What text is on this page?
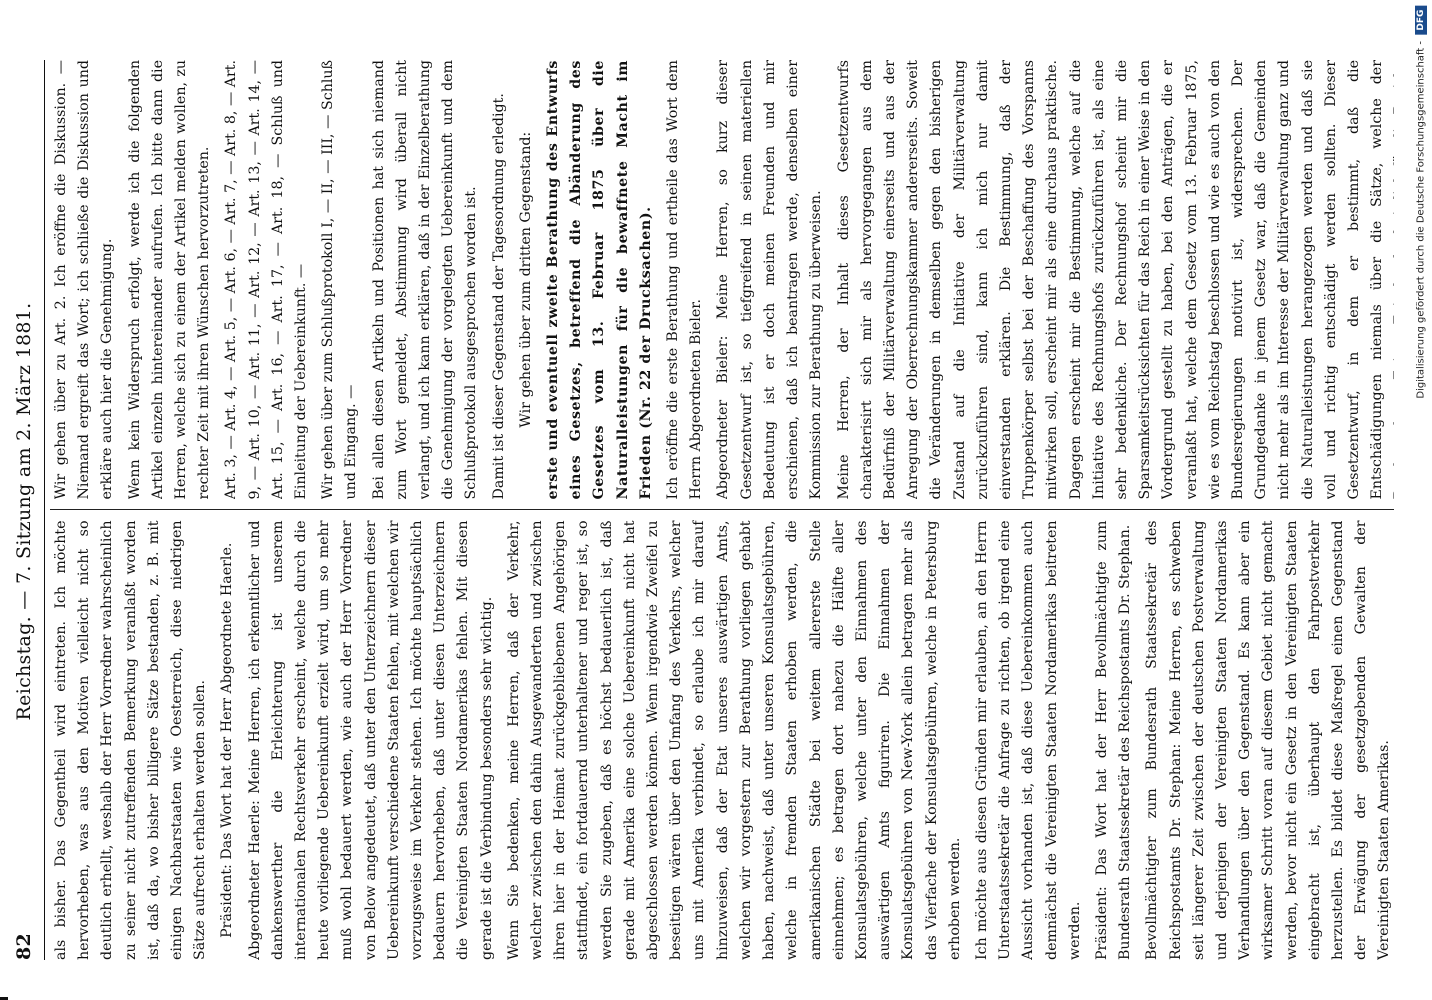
82
Reichstag. — 7. Sitzung am 2. März 1881.

als bisher. Das Gegentheil wird eintreten. Ich möchte hervorheben, was aus den Motiven vielleicht nicht so deutlich erhellt, weshalb der Herr Vorredner wahrscheinlich zu seiner nicht zutreffenden Bemerkung veranlaßt worden ist, daß da, wo bisher billigere Sätze bestanden, z. B. mit einigen Nachbarstaaten wie Oesterreich, diese niedrigen Sätze aufrecht erhalten werden sollen. Präsident: Das Wort hat der Herr Abgeordnete Haerle. Abgeordneter Haerle: Meine Herren, ich erkenntlicher und dankenswerther die Erleichterung ist unserem internationalen Rechtsverkehr erscheint, welche durch die heute vorliegende Uebereinkunft erzielt wird, um so mehr muß wohl bedauert werden, wie auch der Herr Vorredner von Below angedeutet, daß unter den Unterzeichnern dieser Uebereinkunft verschiedene Staaten fehlen, mit welchen wir vorzugsweise im Verkehr stehen. Ich möchte hauptsächlich bedauern hervorheben, daß unter diesen Unterzeichnern die Vereinigten Staaten Nordamerikas fehlen. Mit diesen gerade ist die Verbindung besonders sehr wichtig. Wenn Sie bedenken, meine Herren, daß der Verkehr, welcher zwischen den dahin Ausgewanderten und zwischen ihren hier in der Heimat zurückgebliebenen Angehörigen stattfindet, ein fortdauernd unterhaltener und reger ist, so werden Sie zugeben, daß es höchst bedauerlich ist, daß gerade mit Amerika eine solche Uebereinkunft nicht hat abgeschlossen werden können. Wenn irgendwie Zweifel zu beseitigen wären über den Umfang des Verkehrs, welcher uns mit Amerika verbindet, so erlaube ich mir darauf hinzuweisen, daß der Etat unseres auswärtigen Amts, welchen wir vorgestern zur Berathung vorliegen gehabt haben, nachweist, daß unter unseren Konsulatsgebühren, welche in fremden Staaten erhoben werden, die amerikanischen Städte bei weitem allererste Stelle einnehmen; es betragen dort nahezu die Hälfte aller Konsulatsgebühren, welche unter den Einnahmen des auswärtigen Amts figuriren. Die Einnahmen der Konsulatsgebühren von New-York allein betragen mehr als das Vierfache der Konsulatsgebühren, welche in Petersburg erhoben werden. Ich möchte aus diesen Gründen mir erlauben, an den Herrn Unterstaatssekretär die Anfrage zu richten, ob irgend eine Aussicht vorhanden ist, daß diese Uebereinkommen auch demnächst die Vereinigten Staaten Nordamerikas beitreten werden. Präsident: Das Wort hat der Herr Bevollmächtigte zum Bundesrath Staatssekretär des Reichspostamts Dr. Stephan. Bevollmächtigter zum Bundesrath Staatssekretär des Reichspostamts Dr. Stephan: Meine Herren, es schweben seit längerer Zeit zwischen der deutschen Postverwaltung und derjenigen der Vereinigten Staaten Nordamerikas Verhandlungen über den Gegenstand. Es kann aber ein wirksamer Schritt voran auf diesem Gebiet nicht gemacht werden, bevor nicht ein Gesetz in den Vereinigten Staaten eingebracht ist, überhaupt den Fahrpostverkehr herzustellen. Es bildet diese Maßregel einen Gegenstand der Erwägung der gesetzgebenden Gewalten der Vereinigten Staaten Amerikas.

Wir gehen über zu Art. 2. Ich eröffne die Diskussion. — Niemand ergreift das Wort; ich schließe die Diskussion und erkläre auch hier die Genehmigung. Wenn kein Widerspruch erfolgt, werde ich die folgenden Artikel einzeln hintereinander aufrufen. Ich bitte dann die Herren, welche sich zu einem der Artikel melden wollen, zu rechter Zeit mit ihren Wünschen hervorzutreten. Art. 3, — Art. 4, — Art. 5, — Art. 6, — Art. 7, — Art. 8, — Art. 9, — Art. 10, — Art. 11, — Art. 12, — Art. 13, — Art. 14, — Art. 15, — Art. 16, — Art. 17, — Art. 18, — Schluß und Einleitung der Uebereinkunft. — Wir gehen über zum Schlußprotokoll I, — II, — III, — Schluß und Eingang. — Bei allen diesen Artikeln und Positionen hat sich niemand zum Wort gemeldet, Abstimmung wird überall nicht verlangt, und ich kann erklären, daß in der Einzelberathung die Genehmigung der vorgelegten Uebereinkunft und dem Schlußprotokoll ausgesprochen worden ist. Damit ist dieser Gegenstand der Tagesordnung erledigt. Wir gehen über zum dritten Gegenstand: erste und eventuell zweite Berathung des Entwurfs eines Gesetzes, betreffend die Abänderung des Gesetzes vom 13. Februar 1875 über die Naturalleistungen für die bewaffnete Macht im Frieden (Nr. 22 der Drucksachen). Ich eröffne die erste Berathung und ertheile das Wort dem Herrn Abgeordneten Bieler. Abgeordneter Bieler: Meine Herren, so kurz dieser Gesetzentwurf ist, so tiefgreifend in seinen materiellen Bedeutung ist er doch meinen Freunden und mir erschienen, daß ich beantragen werde, denselben einer Kommission zur Berathung zu überweisen. Meine Herren, der Inhalt dieses Gesetzentwurfs charakterisirt sich mir als hervorgegangen aus dem Bedürfniß der Militärverwaltung einerseits und aus der Anregung der Oberrechnungskammer andererseits. Soweit die Veränderungen in demselben gegen den bisherigen Zustand auf die Initiative der Militärverwaltung zurückzuführen sind, kann ich mich nur damit einverstanden erklären. Die Bestimmung, daß der Truppenkörper selbst bei der Beschaffung des Vorspanns mitwirken soll, erscheint mir als eine durchaus praktische. Dagegen erscheint mir die Bestimmung, welche auf die Initiative des Rechnungshofs zurückzuführen ist, als eine sehr bedenkliche. Der Rechnungshof scheint mir die Sparsamkeitsrücksichten für das Reich in einer Weise in den Vordergrund gestellt zu haben, bei den Anträgen, die er veranlaßt hat, welche dem Gesetz vom 13. Februar 1875, wie es vom Reichstag beschlossen und wie es auch von den Bundesregierungen motivirt ist, widersprechen. Der Grundgedanke in jenem Gesetz war, daß die Gemeinden nicht mehr als im Interesse der Militärverwaltung ganz und die Naturalleistungen herangezogen werden und daß sie voll und richtig entschädigt werden sollten. Dieser Gesetzentwurf, in dem er bestimmt, daß die Entschädigungen niemals über die Sätze, welche der	Digitalisierung gefördert durch die Deutsche Forschungsgemeinschaft -
DFG
